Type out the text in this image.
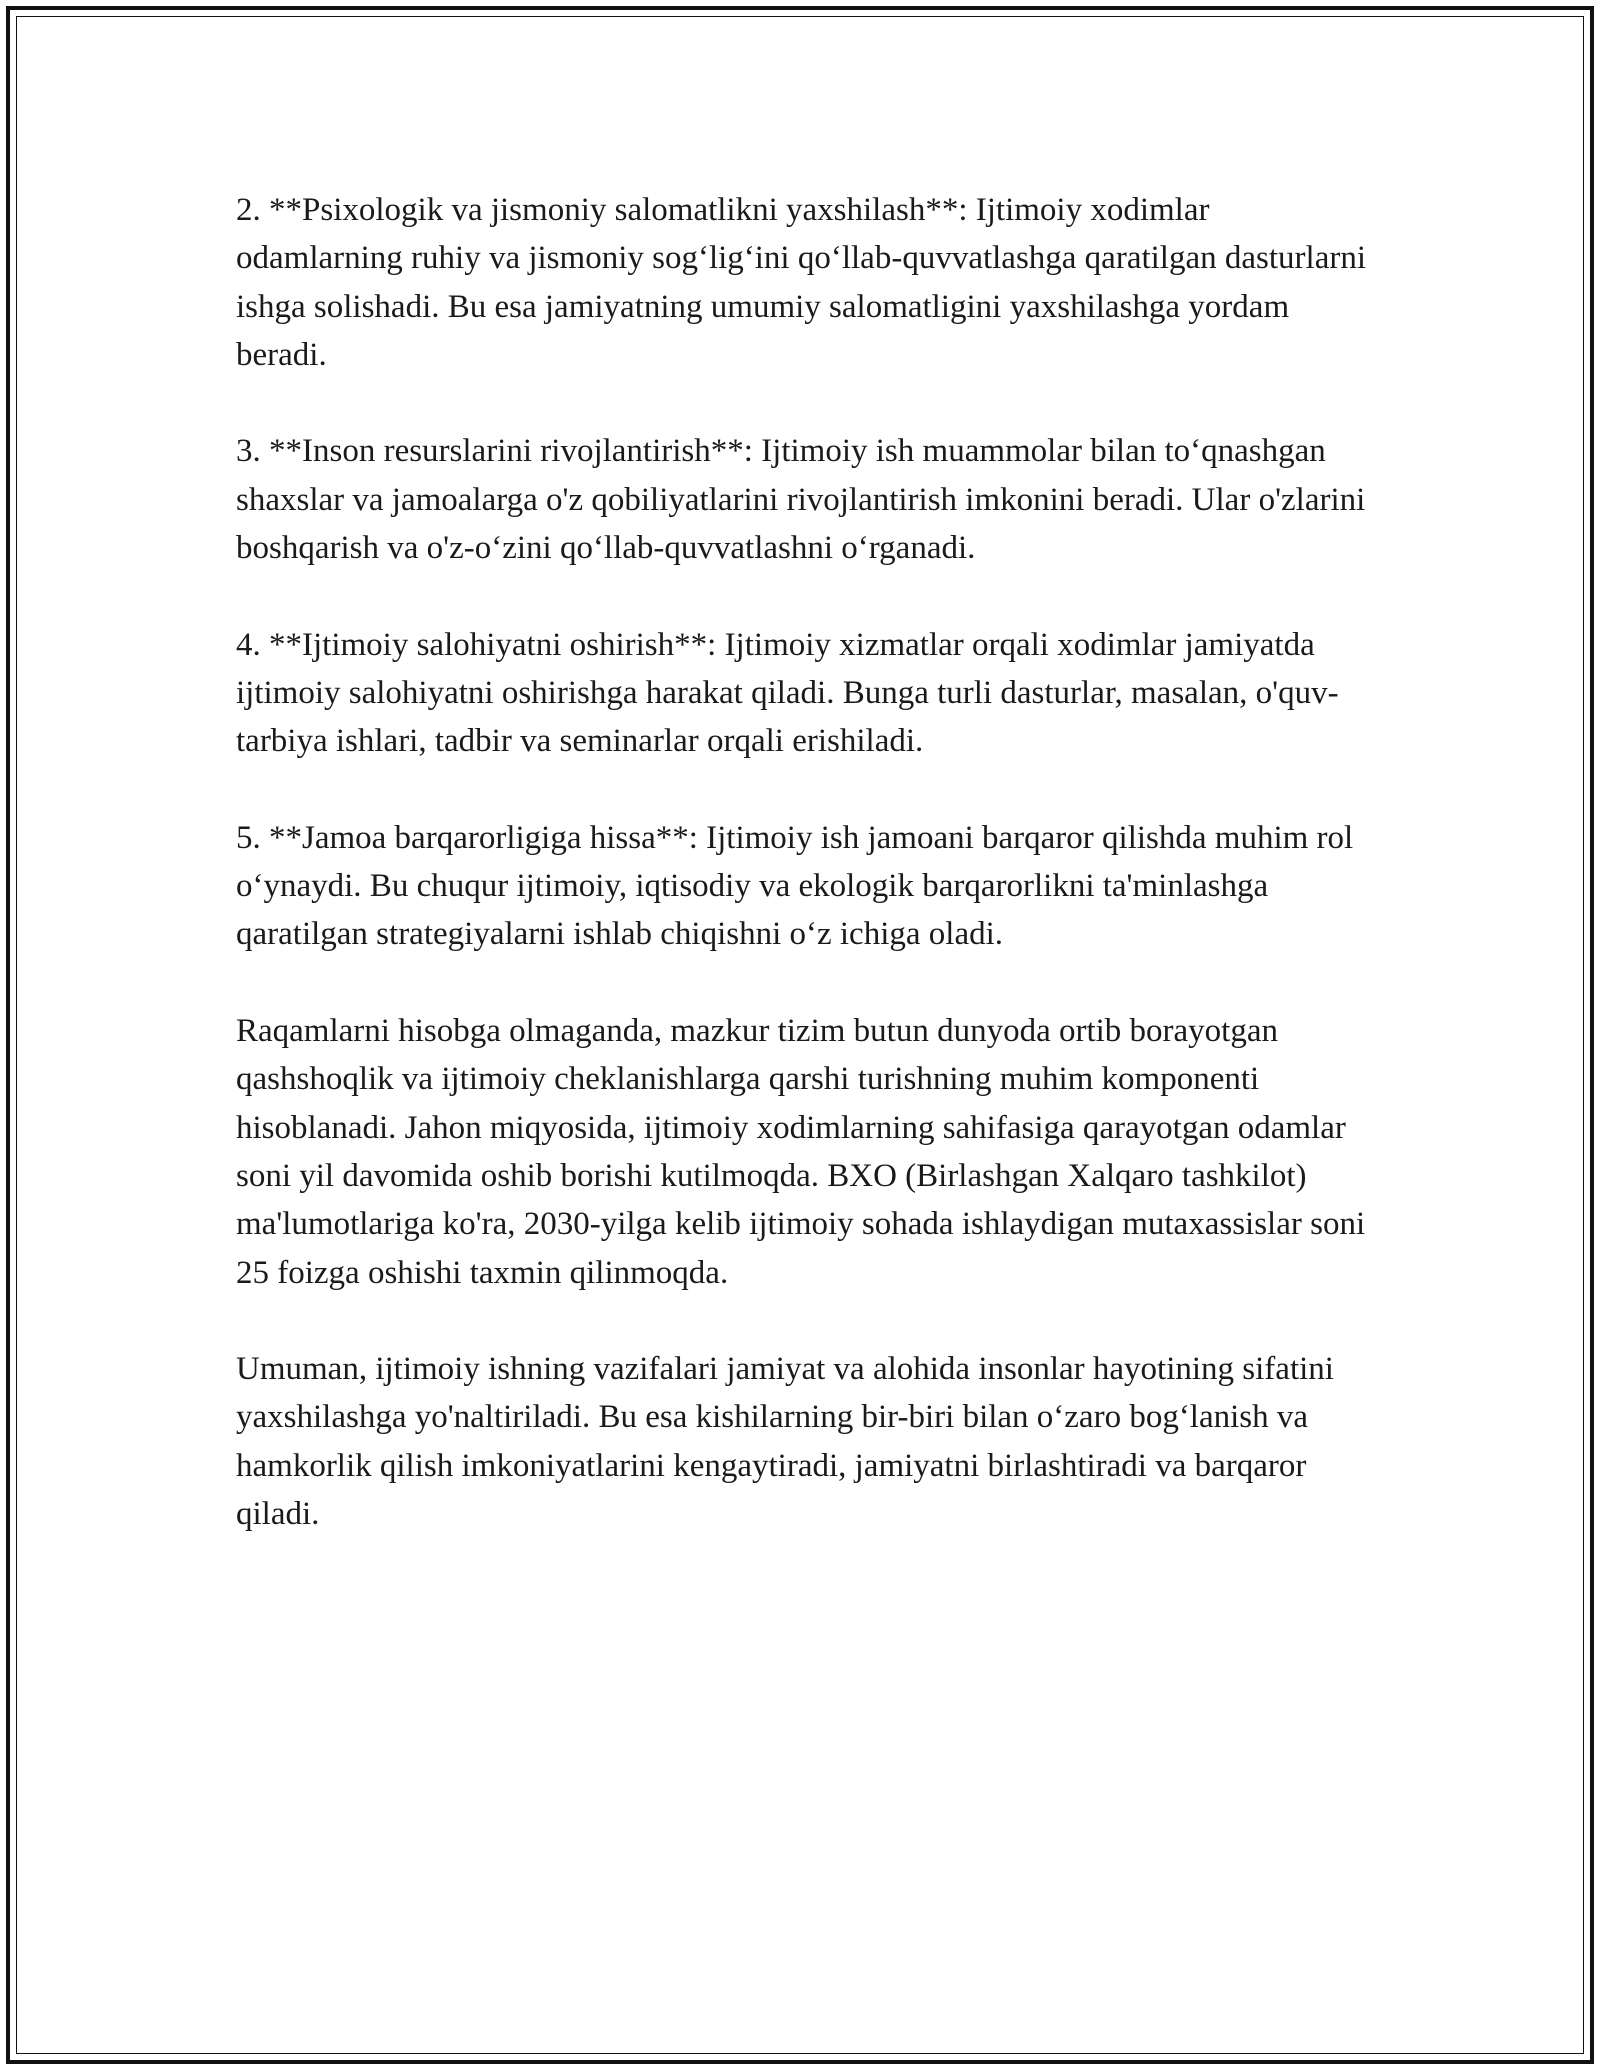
2. **Psixologik va jismoniy salomatlikni yaxshilash**: Ijtimoiy xodimlar odamlarning ruhiy va jismoniy sog‘lig‘ini qo‘llab-quvvatlashga qaratilgan dasturlarni ishga solishadi. Bu esa jamiyatning umumiy salomatligini yaxshilashga yordam beradi.

3. **Inson resurslarini rivojlantirish**: Ijtimoiy ish muammolar bilan to‘qnashgan shaxslar va jamoalarga o'z qobiliyatlarini rivojlantirish imkonini beradi. Ular o'zlarini boshqarish va o'z-o‘zini qo‘llab-quvvatlashni o‘rganadi.

4. **Ijtimoiy salohiyatni oshirish**: Ijtimoiy xizmatlar orqali xodimlar jamiyatda ijtimoiy salohiyatni oshirishga harakat qiladi. Bunga turli dasturlar, masalan, o'quv-tarbiya ishlari, tadbir va seminarlar orqali erishiladi.

5. **Jamoa barqarorligiga hissa**: Ijtimoiy ish jamoani barqaror qilishda muhim rol o‘ynaydi. Bu chuqur ijtimoiy, iqtisodiy va ekologik barqarorlikni ta'minlashga qaratilgan strategiyalarni ishlab chiqishni o‘z ichiga oladi.

Raqamlarni hisobga olmaganda, mazkur tizim butun dunyoda ortib borayotgan qashshoqlik va ijtimoiy cheklanishlarga qarshi turishning muhim komponenti hisoblanadi. Jahon miqyosida, ijtimoiy xodimlarning sahifasiga qarayotgan odamlar soni yil davomida oshib borishi kutilmoqda. BXO (Birlashgan Xalqaro tashkilot) ma'lumotlariga ko'ra, 2030-yilga kelib ijtimoiy sohada ishlaydigan mutaxassislar soni 25 foizga oshishi taxmin qilinmoqda.

Umuman, ijtimoiy ishning vazifalari jamiyat va alohida insonlar hayotining sifatini yaxshilashga yo'naltiriladi. Bu esa kishilarning bir-biri bilan o‘zaro bog‘lanish va hamkorlik qilish imkoniyatlarini kengaytiradi, jamiyatni birlashtiradi va barqaror qiladi.
